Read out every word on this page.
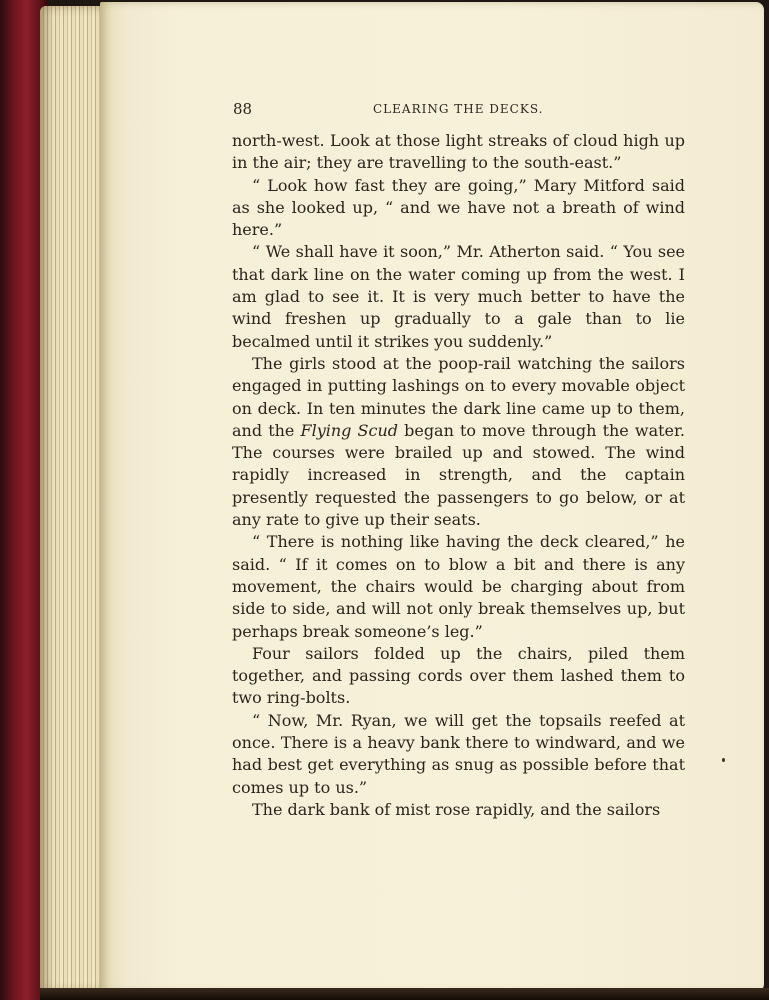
88	CLEARING THE DECKS.

north-west. Look at those light streaks of cloud high up in the air; they are travelling to the south-east.”

“ Look how fast they are going,” Mary Mitford said as she looked up, “ and we have not a breath of wind here.”

“ We shall have it soon,” Mr. Atherton said. “ You see that dark line on the water coming up from the west. I am glad to see it. It is very much better to have the wind freshen up gradually to a gale than to lie becalmed until it strikes you suddenly.”

The girls stood at the poop-rail watching the sailors engaged in putting lashings on to every movable object on deck. In ten minutes the dark line came up to them, and the Flying Scud began to move through the water. The courses were brailed up and stowed. The wind rapidly increased in strength, and the captain presently requested the passengers to go below, or at any rate to give up their seats.

“ There is nothing like having the deck cleared,” he said. “ If it comes on to blow a bit and there is any movement, the chairs would be charging about from side to side, and will not only break themselves up, but perhaps break someone’s leg.”

Four sailors folded up the chairs, piled them together, and passing cords over them lashed them to two ring-bolts.

“ Now, Mr. Ryan, we will get the topsails reefed at once. There is a heavy bank there to windward, and we had best get everything as snug as possible before that comes up to us.”

The dark bank of mist rose rapidly, and the sailors
